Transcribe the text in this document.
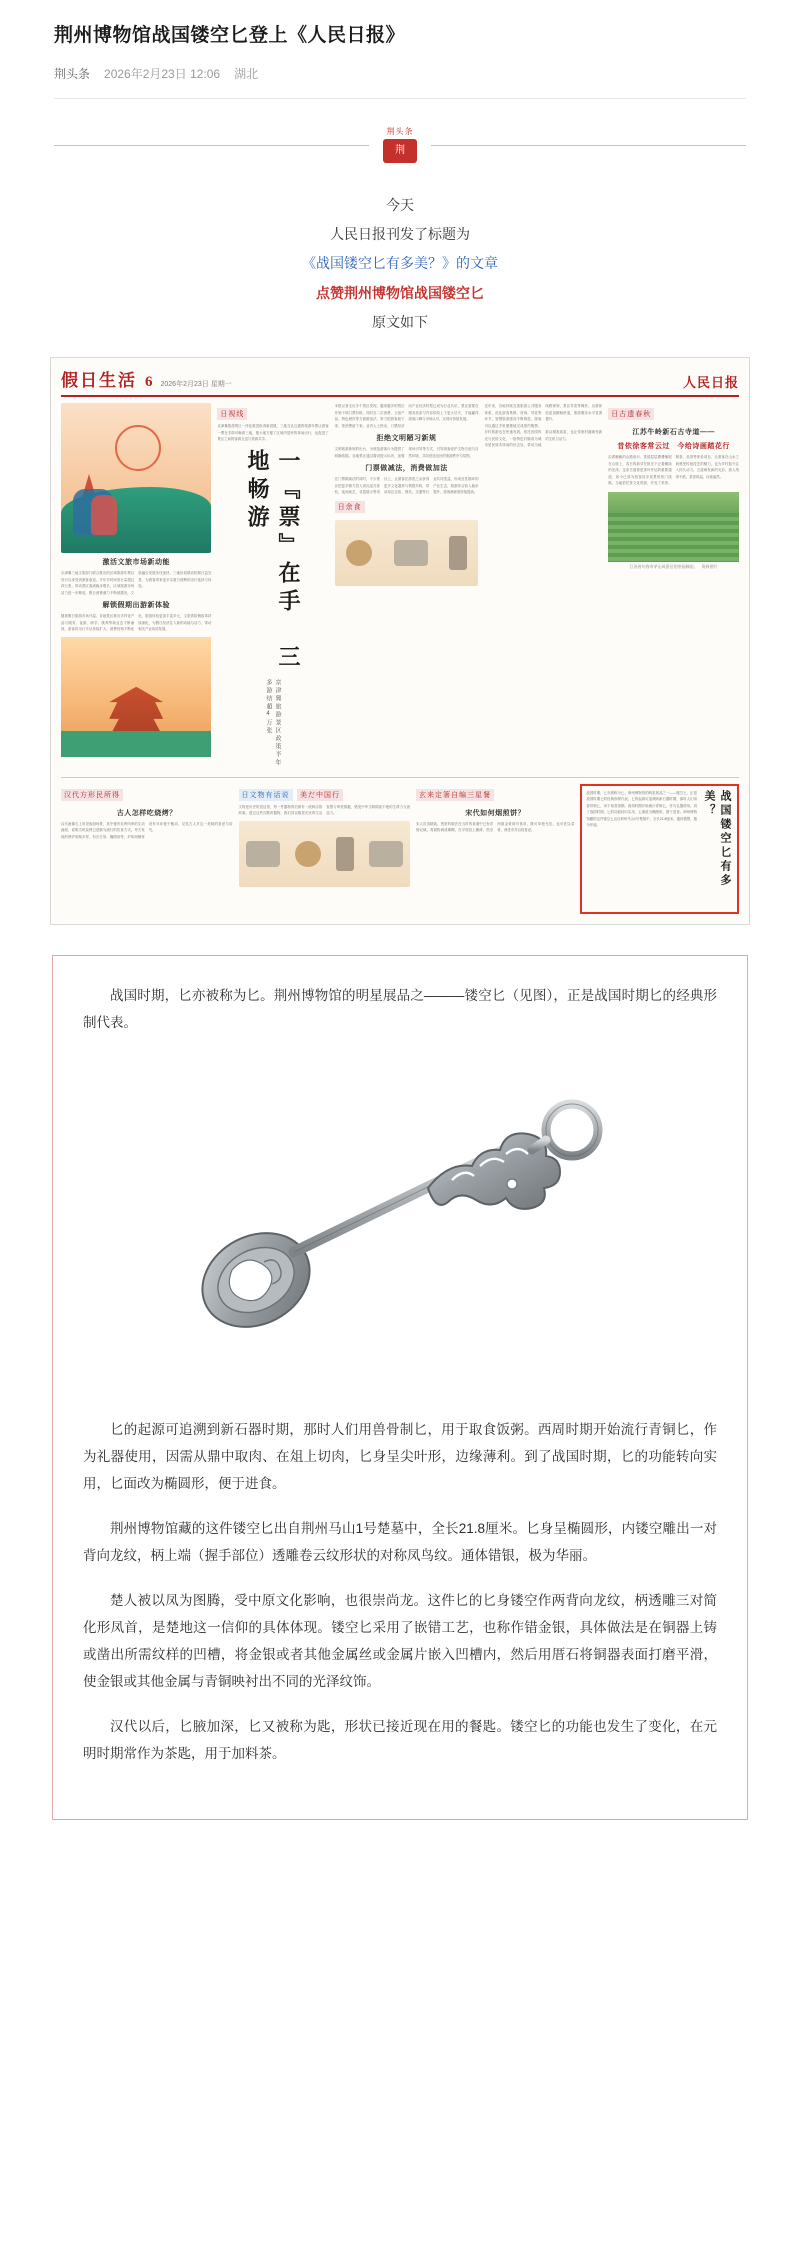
荆州博物馆战国镂空匕登上《人民日报》
荆头条 2026年2月23日 12:06 湖北
荆头条
荆
今天
人民日报刊发了标题为
《战国镂空匕有多美？》的文章
点赞荆州博物馆战国镂空匕
原文如下
假日生活 6 2026年2月23日 星期一	人民日报
激活文旅市场新动能
京津冀三地文旅部门联合推出的区域旅游年票自发行以来受到游客欢迎，半年多时间发行量超过四万张，带动景区客流稳步增长，区域旅游市场活力进一步释放，假日消费潜力不断被激发，文旅融合发展步伐加快，三地协同联动机制日益完善，为游客带来更多实惠与便利的出行选择与体验。
解锁假期出游新体验
随着假日旅游市场升温，各地景区推出多样化产品与服务，夜游、研学、康养等新业态不断涌现，游客的出行半径持续扩大，消费结构不断优化，旅游体验更加丰富多元，文旅供给侧改革持续深化，为假日经济注入新的动能与活力，带动相关产业协同发展。
日视线
京津冀旅游景区一体化推进取得新进展，三地互认互通的旅游年票让游客一票在手即可畅游三地，极大地方便了区域内居民的休闲出行，也促进了景区之间的客源互送与资源共享。
一『票』在手　三地畅游
京津冀旅游景区政策半年多游结超4万张
本报记者走访多个景区发现，越来越多的景区开始下调门票价格，同时在二次消费、文创产品、特色餐饮等方面做加法，努力把游客留下来，把消费留下来。业内人士指出，门票经济向产业经济转型已成为行业共识，景区需要在服务品质与内容供给上下更大功夫，才能赢得游客口碑与市场认可，实现可持续发展。
拒绝文明陋习新规
文明旅游新规的出台，为规范游客行为提供了明确依据。各地景区通过增设提示标识、加强现场引导等方式，引导游客爱护文物古迹与自然环境，共同营造良好的旅游秩序与氛围。
门票做减法，消费做加法
在门票做减法的同时，不少景区把更多精力投入到沉浸式体验、夜间演艺、非遗展示等项目上，让游客在游览之余获得更多文化滋养与情感共鸣，带动周边住宿、餐饮、交通等行业共同受益，形成良性循环的产业生态，旅游综合收入稳步提升，游客满意度持续提高。
日余食
近年来，各地持续完善旅游公共服务体系，优化游客集散、咨询、导览等环节，智慧旅游建设不断推进，游客可以通过手机便捷地完成预约购票、线路规划、景区导览等操作，出游体验更加顺畅舒适，旅游服务水平显著提升。
乡村旅游也在快速发展，依托田园风光与民俗文化，一批特色村镇成为城市居民周末休闲的好去处，带动当地群众增收致富，也让传统村落焕发新的生机与活力。
日古遗春秋
江苏牛岭新石古寺道——
昔依徐客常云过　今给诗画踏花行
沿着蜿蜒的山路前行，茶园层层叠叠铺展在山坡上，春日的新芽在阳光下泛着嫩绿的光泽。这条古道曾是茶叶外运的重要通道，如今已成为游客徒步赏景的热门线路。当地依托茶文化资源，开发了采茶、制茶、品茶等体验项目，让游客在山水之间感受传统技艺的魅力，也为乡村振兴注入持久动力，古道焕发新的光彩，游人络绎不绝，茶香四溢，诗意盎然。
江苏省句容市茅山风景区的茶园梯田。　资料图片
汉代方形民所得
古人怎样吃烧烤？
汉代画像石上常见庖厨场景，其中便有炙烤肉串的生动画面，说明当时烧烤已是颇为流行的饮食方式。考古发现的烤炉形制多样，有长方形、椭圆形等，炉体两侧常设有耳环便于搬动，足见古人对这一美味的喜爱与讲究。
日文物有话说 美だ中国行
文物是历史的见证者，每一件器物背后都有一段鲜活的故事。透过这些沉默的器物，我们得以窥见先民的生活智慧与审美情趣，感受中华文明绵延不绝的生命力与创造力。
玄来定箸自编三星餐
宋代如何烟煎饼？
宋人饮食精致，煎饼的做法在当时的食谱中已有详细记载。将面粉调成稀糊，在平底铛上摊薄，煎至两面金黄即可食用，既可单独充饥，也可佐以菜肴，深受市井百姓喜爱。
战国时期，匕亦被称为匕。荆州博物馆的明星展品之一——镂空匕，正是战国时期匕的经典形制代表。匕的起源可追溯到新石器时期，那时人们用兽骨制匕，用于取食饭粥。西周时期开始流行青铜匕，作为礼器使用。到了战国时期，匕的功能转向实用，匕面改为椭圆形，便于进食。荆州博物馆藏的这件镂空匕出自荆州马山1号楚墓中，全长21.8厘米。通体错银，极为华丽。	战国镂空匕有多美？

战国时期，匕亦被称为匕。荆州博物馆的明星展品之———镂空匕（见图），正是战国时期匕的经典形制代表。

匕的起源可追溯到新石器时期，那时人们用兽骨制匕，用于取食饭粥。西周时期开始流行青铜匕，作为礼器使用，因需从鼎中取肉、在俎上切肉，匕身呈尖叶形，边缘薄利。到了战国时期，匕的功能转向实用，匕面改为椭圆形，便于进食。

荆州博物馆藏的这件镂空匕出自荆州马山1号楚墓中，全长21.8厘米。匕身呈椭圆形，内镂空雕出一对背向龙纹，柄上端（握手部位）透雕卷云纹形状的对称凤鸟纹。通体错银，极为华丽。

楚人被以凤为图腾，受中原文化影响，也很崇尚龙。这件匕的匕身镂空作两背向龙纹，柄透雕三对简化形凤首，是楚地这一信仰的具体体现。镂空匕采用了嵌错工艺，也称作错金银，具体做法是在铜器上铸或凿出所需纹样的凹槽，将金银或者其他金属丝或金属片嵌入凹槽内，然后用厝石将铜器表面打磨平滑，使金银或其他金属与青铜映衬出不同的光泽纹饰。

汉代以后，匕腋加深，匕又被称为匙，形状已接近现在用的餐匙。镂空匕的功能也发生了变化，在元明时期常作为茶匙，用于加料茶。
